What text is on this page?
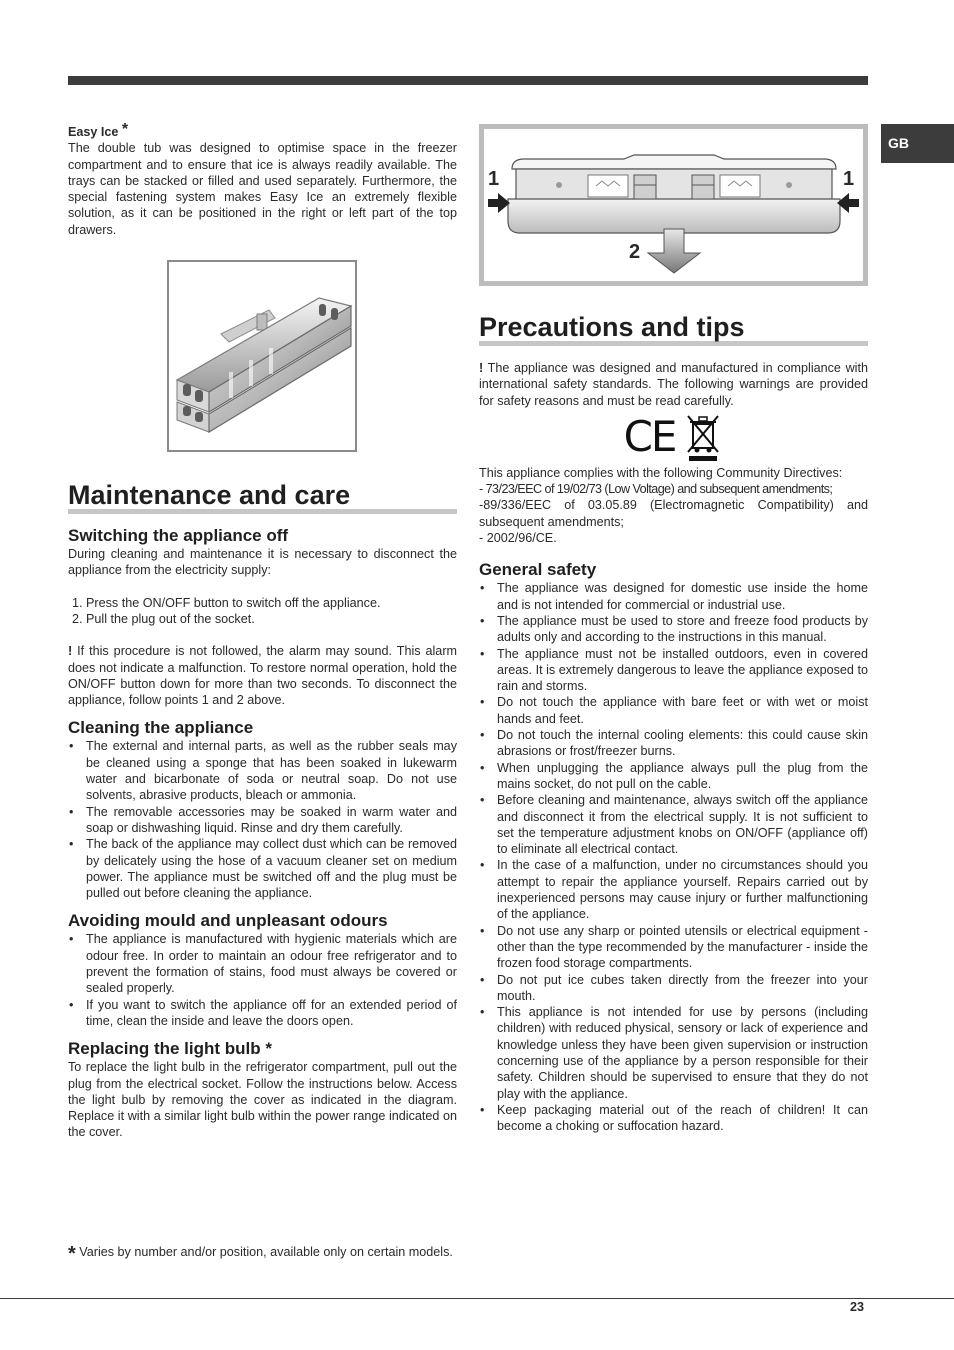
GB
Easy Ice *

The double tub was designed to optimise space in the freezer compartment and to ensure that ice is always readily available. The trays can be stacked or filled and used separately. Furthermore, the special fastening system makes Easy Ice an extremely flexible solution, as it can be positioned in the right or left part of the top drawers.

Maintenance and care
Switching the appliance off

During cleaning and maintenance it is necessary to disconnect the appliance from the electricity supply:

1. Press the ON/OFF button to switch off the appliance.
2. Pull the plug out of the socket.

! If this procedure is not followed, the alarm may sound. This alarm does not indicate a malfunction. To restore normal operation, hold the ON/OFF button down for more than two seconds. To disconnect the appliance, follow points 1 and 2 above.

Cleaning the appliance
• The external and internal parts, as well as the rubber seals may be cleaned using a sponge that has been soaked in lukewarm water and bicarbonate of soda or neutral soap. Do not use solvents, abrasive products, bleach or ammonia.
• The removable accessories may be soaked in warm water and soap or dishwashing liquid. Rinse and dry them carefully.
• The back of the appliance may collect dust which can be removed by delicately using the hose of a vacuum cleaner set on medium power. The appliance must be switched off and the plug must be pulled out before cleaning the appliance.
Avoiding mould and unpleasant odours
• The appliance is manufactured with hygienic materials which are odour free. In order to maintain an odour free refrigerator and to prevent the formation of stains, food must always be covered or sealed properly.
• If you want to switch the appliance off for an extended period of time, clean the inside and leave the doors open.
Replacing the light bulb *

To replace the light bulb in the refrigerator compartment, pull out the plug from the electrical socket. Follow the instructions below. Access the light bulb by removing the cover as indicated in the diagram. Replace it with a similar light bulb within the power range indicated on the cover.

* Varies by number and/or position, available only on certain models.
1	1
2
Precautions and tips

! The appliance was designed and manufactured in compliance with international safety standards. The following warnings are provided for safety reasons and must be read carefully.

CE

This appliance complies with the following Community Directives:

- 73/23/EEC of 19/02/73 (Low Voltage) and subsequent amendments;

-89/336/EEC of 03.05.89 (Electromagnetic Compatibility) and subsequent amendments;

- 2002/96/CE.

General safety
• The appliance was designed for domestic use inside the home and is not intended for commercial or industrial use.
• The appliance must be used to store and freeze food products by adults only and according to the instructions in this manual.
• The appliance must not be installed outdoors, even in covered areas. It is extremely dangerous to leave the appliance exposed to rain and storms.
• Do not touch the appliance with bare feet or with wet or moist hands and feet.
• Do not touch the internal cooling elements: this could cause skin abrasions or frost/freezer burns.
• When unplugging the appliance always pull the plug from the mains socket, do not pull on the cable.
• Before cleaning and maintenance, always switch off the appliance and disconnect it from the electrical supply. It is not sufficient to set the temperature adjustment knobs on ON/OFF (appliance off) to eliminate all electrical contact.
• In the case of a malfunction, under no circumstances should you attempt to repair the appliance yourself. Repairs carried out by inexperienced persons may cause injury or further malfunctioning of the appliance.
• Do not use any sharp or pointed utensils or electrical equipment - other than the type recommended by the manufacturer - inside the frozen food storage compartments.
• Do not put ice cubes taken directly from the freezer into your mouth.
• This appliance is not intended for use by persons (including children) with reduced physical, sensory or lack of experience and knowledge unless they have been given supervision or instruction concerning use of the appliance by a person responsible for their safety. Children should be supervised to ensure that they do not play with the appliance.
• Keep packaging material out of the reach of children! It can become a choking or suffocation hazard.
23
